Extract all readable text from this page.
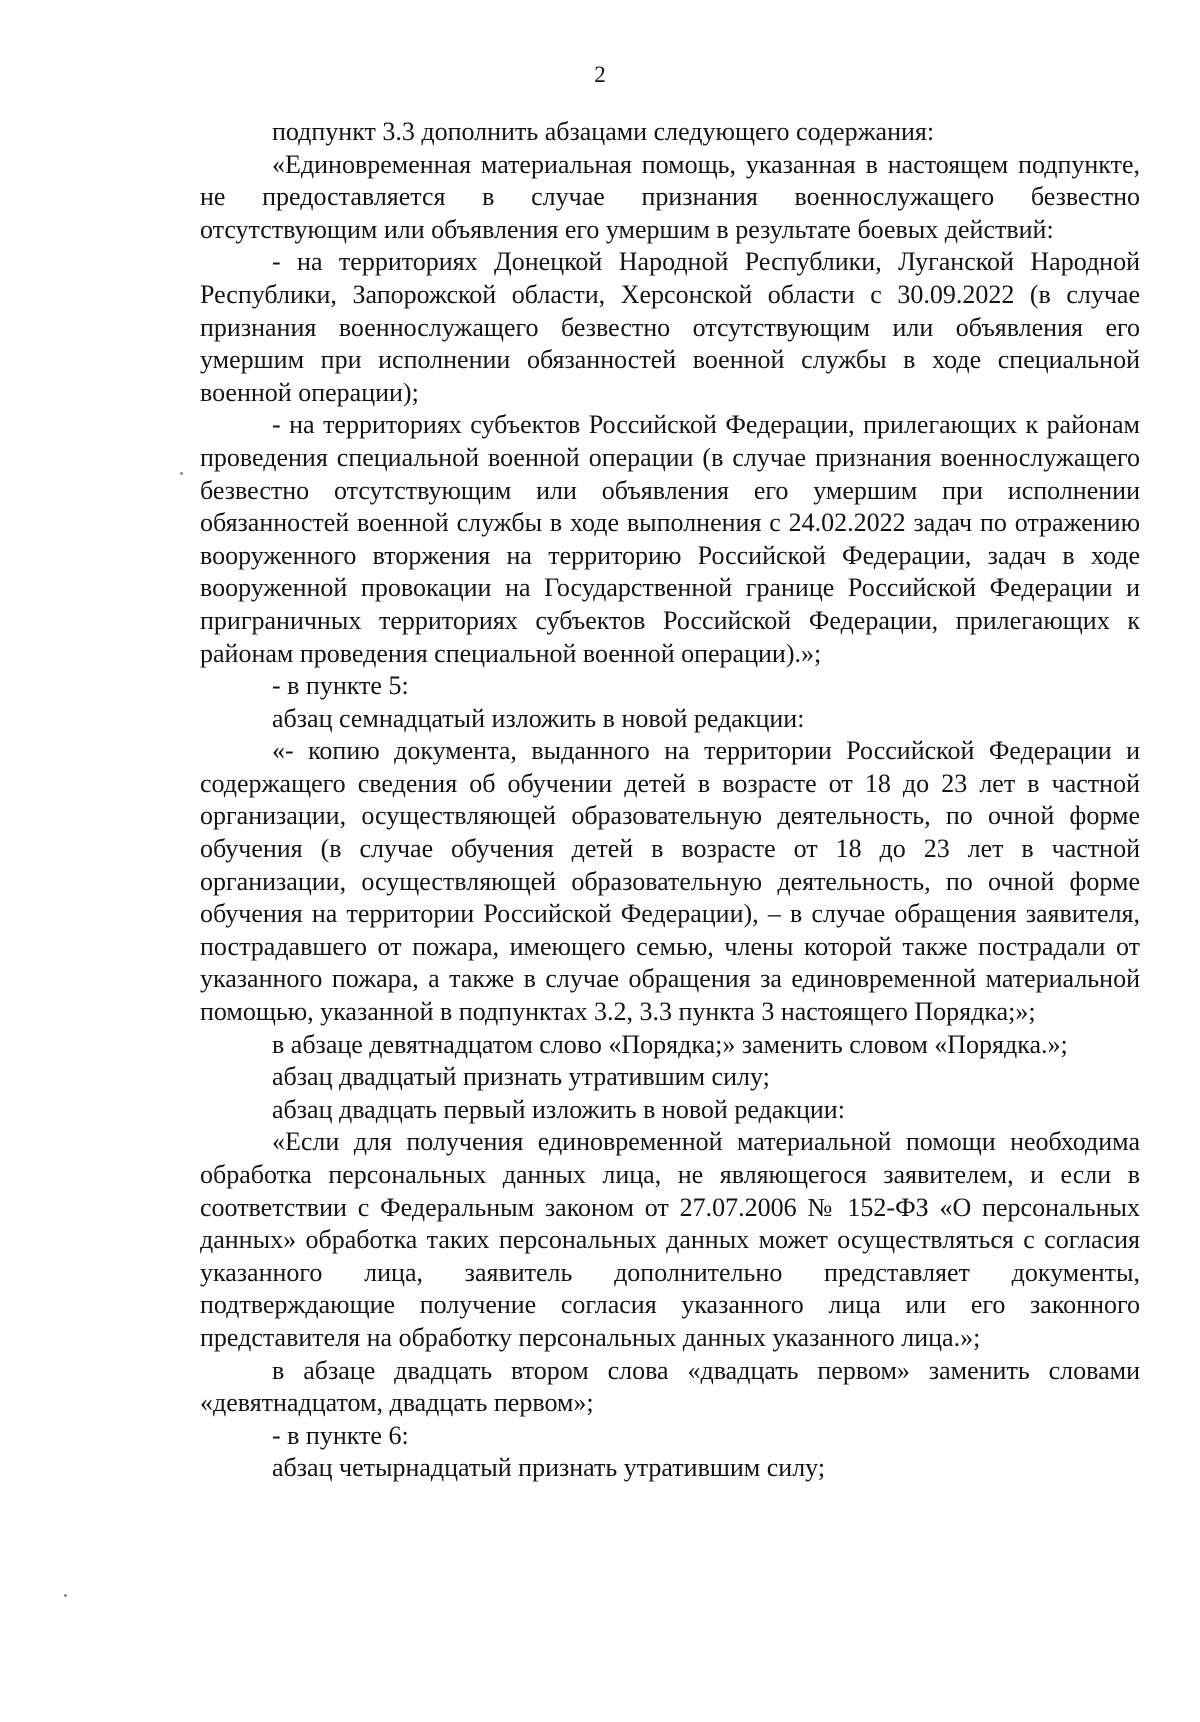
2

подпункт 3.3 дополнить абзацами следующего содержания:

«Единовременная материальная помощь, указанная в настоящем подпункте, не предоставляется в случае признания военнослужащего безвестно отсутствующим или объявления его умершим в результате боевых действий:

- на территориях Донецкой Народной Республики, Луганской Народной Республики, Запорожской области, Херсонской области с 30.09.2022 (в случае признания военнослужащего безвестно отсутствующим или объявления его умершим при исполнении обязанностей военной службы в ходе специальной военной операции);

- на территориях субъектов Российской Федерации, прилегающих к районам проведения специальной военной операции (в случае признания военнослужащего безвестно отсутствующим или объявления его умершим при исполнении обязанностей военной службы в ходе выполнения с 24.02.2022 задач по отражению вооруженного вторжения на территорию Российской Федерации, задач в ходе вооруженной провокации на Государственной границе Российской Федерации и приграничных территориях субъектов Российской Федерации, прилегающих к районам проведения специальной военной операции).»;

- в пункте 5:

абзац семнадцатый изложить в новой редакции:

«- копию документа, выданного на территории Российской Федерации и содержащего сведения об обучении детей в возрасте от 18 до 23 лет в частной организации, осуществляющей образовательную деятельность, по очной форме обучения (в случае обучения детей в возрасте от 18 до 23 лет в частной организации, осуществляющей образовательную деятельность, по очной форме обучения на территории Российской Федерации), – в случае обращения заявителя, пострадавшего от пожара, имеющего семью, члены которой также пострадали от указанного пожара, а также в случае обращения за единовременной материальной помощью, указанной в подпунктах 3.2, 3.3 пункта 3 настоящего Порядка;»;

в абзаце девятнадцатом слово «Порядка;» заменить словом «Порядка.»;

абзац двадцатый признать утратившим силу;

абзац двадцать первый изложить в новой редакции:

«Если для получения единовременной материальной помощи необходима обработка персональных данных лица, не являющегося заявителем, и если в соответствии с Федеральным законом от 27.07.2006 № 152-ФЗ «О персональных данных» обработка таких персональных данных может осуществляться с согласия указанного лица, заявитель дополнительно представляет документы, подтверждающие получение согласия указанного лица или его законного представителя на обработку персональных данных указанного лица.»;

в абзаце двадцать втором слова «двадцать первом» заменить словами «девятнадцатом, двадцать первом»;

- в пункте 6:

абзац четырнадцатый признать утратившим силу;
